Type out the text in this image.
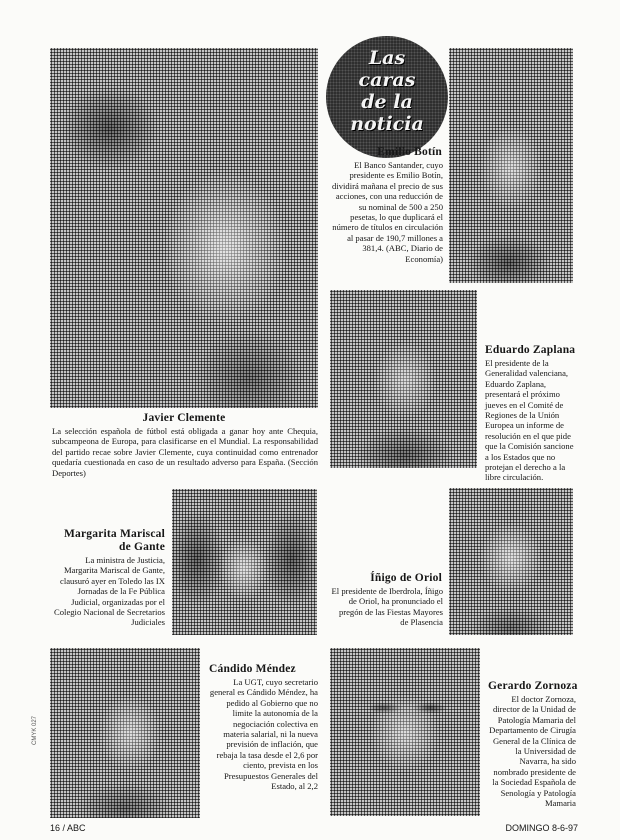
Las
caras
de la
noticia
Javier Clemente
La selección española de fútbol está obligada a ganar hoy ante Chequia, subcampeona de Europa, para clasificarse en el Mundial. La responsabilidad del partido recae sobre Javier Clemente, cuya continuidad como entrenador quedaría cuestionada en caso de un resultado adverso para España. (Sección Deportes)
Emilio Botín
El Banco Santander, cuyo presidente es Emilio Botín, dividirá mañana el precio de sus acciones, con una reducción de su nominal de 500 a 250 pesetas, lo que duplicará el número de títulos en circulación al pasar de 190,7 millones a 381,4. (ABC, Diario de Economía)
Eduardo Zaplana
El presidente de la Generalidad valenciana, Eduardo Zaplana, presentará el próximo jueves en el Comité de Regiones de la Unión Europea un informe de resolución en el que pide que la Comisión sancione a los Estados que no protejan el derecho a la libre circulación.
Margarita Mariscal
de Gante
La ministra de Justicia, Margarita Mariscal de Gante, clausuró ayer en Toledo las IX Jornadas de la Fe Pública Judicial, organizadas por el Colegio Nacional de Secretarios Judiciales
Íñigo de Oriol
El presidente de Iberdrola, Íñigo de Oriol, ha pronunciado el pregón de las Fiestas Mayores de Plasencia
Cándido Méndez
La UGT, cuyo secretario general es Cándido Méndez, ha pedido al Gobierno que no limite la autonomía de la negociación colectiva en materia salarial, ni la nueva previsión de inflación, que rebaja la tasa desde el 2,6 por ciento, prevista en los Presupuestos Generales del Estado, al 2,2
Gerardo Zornoza
El doctor Zornoza, director de la Unidad de Patología Mamaria del Departamento de Cirugía General de la Clínica de la Universidad de Navarra, ha sido nombrado presidente de la Sociedad Española de Senología y Patología Mamaria
CMYK 027
16 / ABC	DOMINGO 8-6-97
